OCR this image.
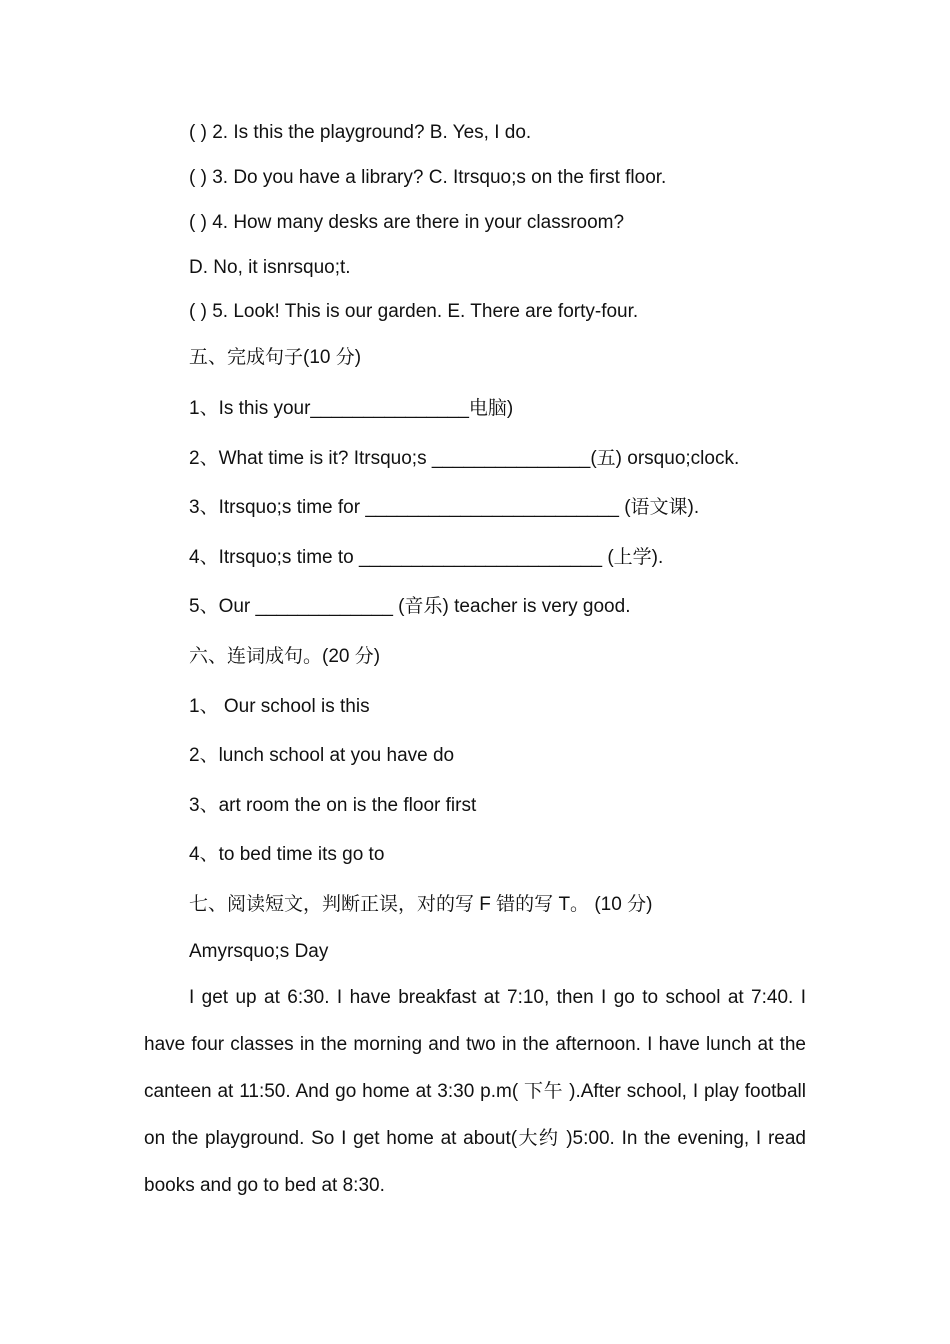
( ) 2. Is this the playground? B. Yes, I do.
( ) 3. Do you have a library? C. Itrsquo;s on the first floor.
( ) 4. How many desks are there in your classroom?
D. No, it isnrsquo;t.
( ) 5. Look! This is our garden. E. There are forty-four.
五、完成句子(10 分)
1、Is this your_______________电脑)
2、What time is it? Itrsquo;s _______________(五) orsquo;clock.
3、Itrsquo;s time for ________________________ (语文课).
4、Itrsquo;s time to _______________________ (上学).
5、Our _____________ (音乐) teacher is very good.
六、连词成句。(20 分)
1、 Our school is this
2、lunch school at you have do
3、art room the on is the floor first
4、to bed time its go to
七、阅读短文，判断正误，对的写 F 错的写 T。 (10 分)
Amyrsquo;s Day
I get up at 6:30. I have breakfast at 7:10, then I go to school at 7:40. I have four classes in the morning and two in the afternoon. I have lunch at the canteen at 11:50. And go home at 3:30 p.m( 下午 ).After school, I play football on the playground. So I get home at about(大约 )5:00. In the evening, I read books and go to bed at 8:30.
